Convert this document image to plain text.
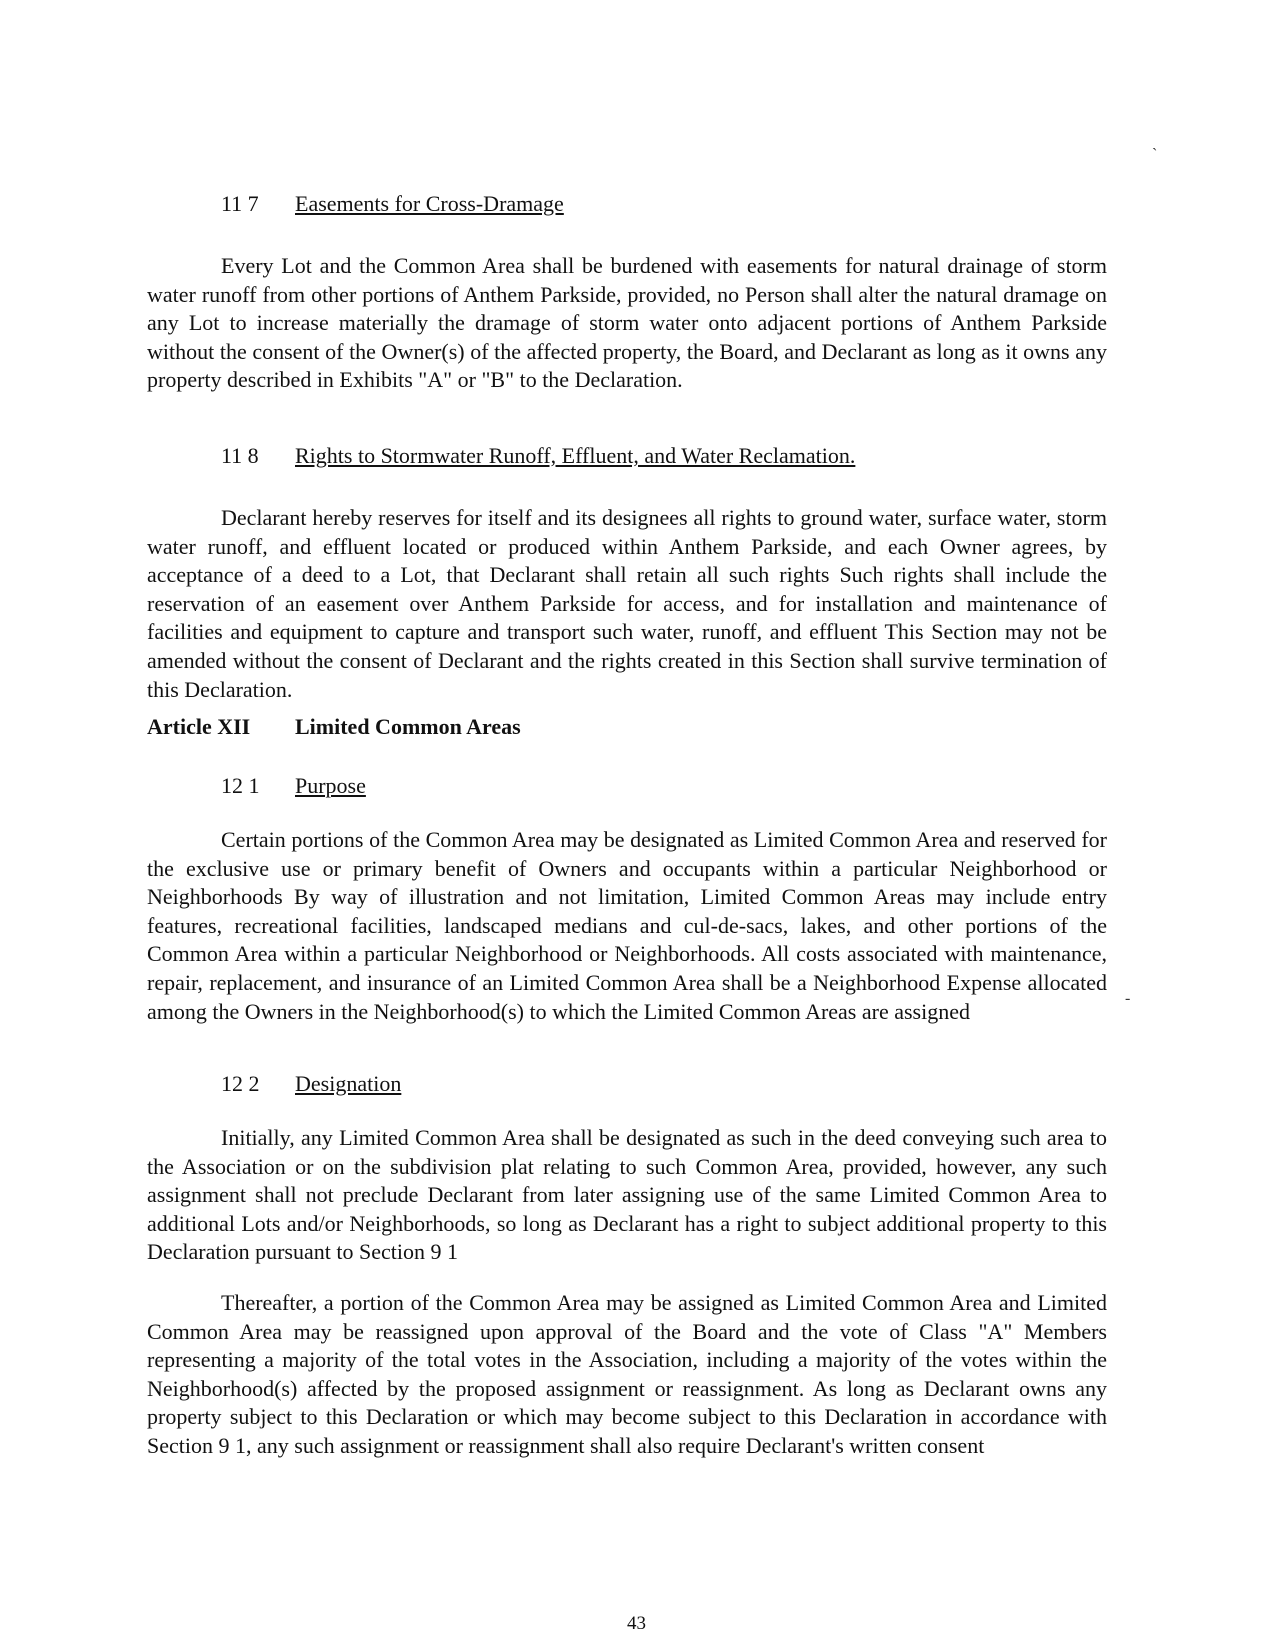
`
11 7 Easements for Cross-Dramage

Every Lot and the Common Area shall be burdened with easements for natural drainage of storm water runoff from other portions of Anthem Parkside, provided, no Person shall alter the natural dramage on any Lot to increase materially the dramage of storm water onto adjacent portions of Anthem Parkside without the consent of the Owner(s) of the affected property, the Board, and Declarant as long as it owns any property described in Exhibits "A" or "B" to the Declaration.

11 8 Rights to Stormwater Runoff, Effluent, and Water Reclamation.

Declarant hereby reserves for itself and its designees all rights to ground water, surface water, storm water runoff, and effluent located or produced within Anthem Parkside, and each Owner agrees, by acceptance of a deed to a Lot, that Declarant shall retain all such rights Such rights shall include the reservation of an easement over Anthem Parkside for access, and for installation and maintenance of facilities and equipment to capture and transport such water, runoff, and effluent This Section may not be amended without the consent of Declarant and the rights created in this Section shall survive termination of this Declaration.

Article XII Limited Common Areas
12 1 Purpose

Certain portions of the Common Area may be designated as Limited Common Area and reserved for the exclusive use or primary benefit of Owners and occupants within a particular Neighborhood or Neighborhoods By way of illustration and not limitation, Limited Common Areas may include entry features, recreational facilities, landscaped medians and cul-de-sacs, lakes, and other portions of the Common Area within a particular Neighborhood or Neighborhoods. All costs associated with maintenance, repair, replacement, and insurance of an Limited Common Area shall be a Neighborhood Expense allocated among the Owners in the Neighborhood(s) to which the Limited Common Areas are assigned

-
12 2 Designation

Initially, any Limited Common Area shall be designated as such in the deed conveying such area to the Association or on the subdivision plat relating to such Common Area, provided, however, any such assignment shall not preclude Declarant from later assigning use of the same Limited Common Area to additional Lots and/or Neighborhoods, so long as Declarant has a right to subject additional property to this Declaration pursuant to Section 9 1

Thereafter, a portion of the Common Area may be assigned as Limited Common Area and Limited Common Area may be reassigned upon approval of the Board and the vote of Class "A" Members representing a majority of the total votes in the Association, including a majority of the votes within the Neighborhood(s) affected by the proposed assignment or reassignment. As long as Declarant owns any property subject to this Declaration or which may become subject to this Declaration in accordance with Section 9 1, any such assignment or reassignment shall also require Declarant's written consent

43
